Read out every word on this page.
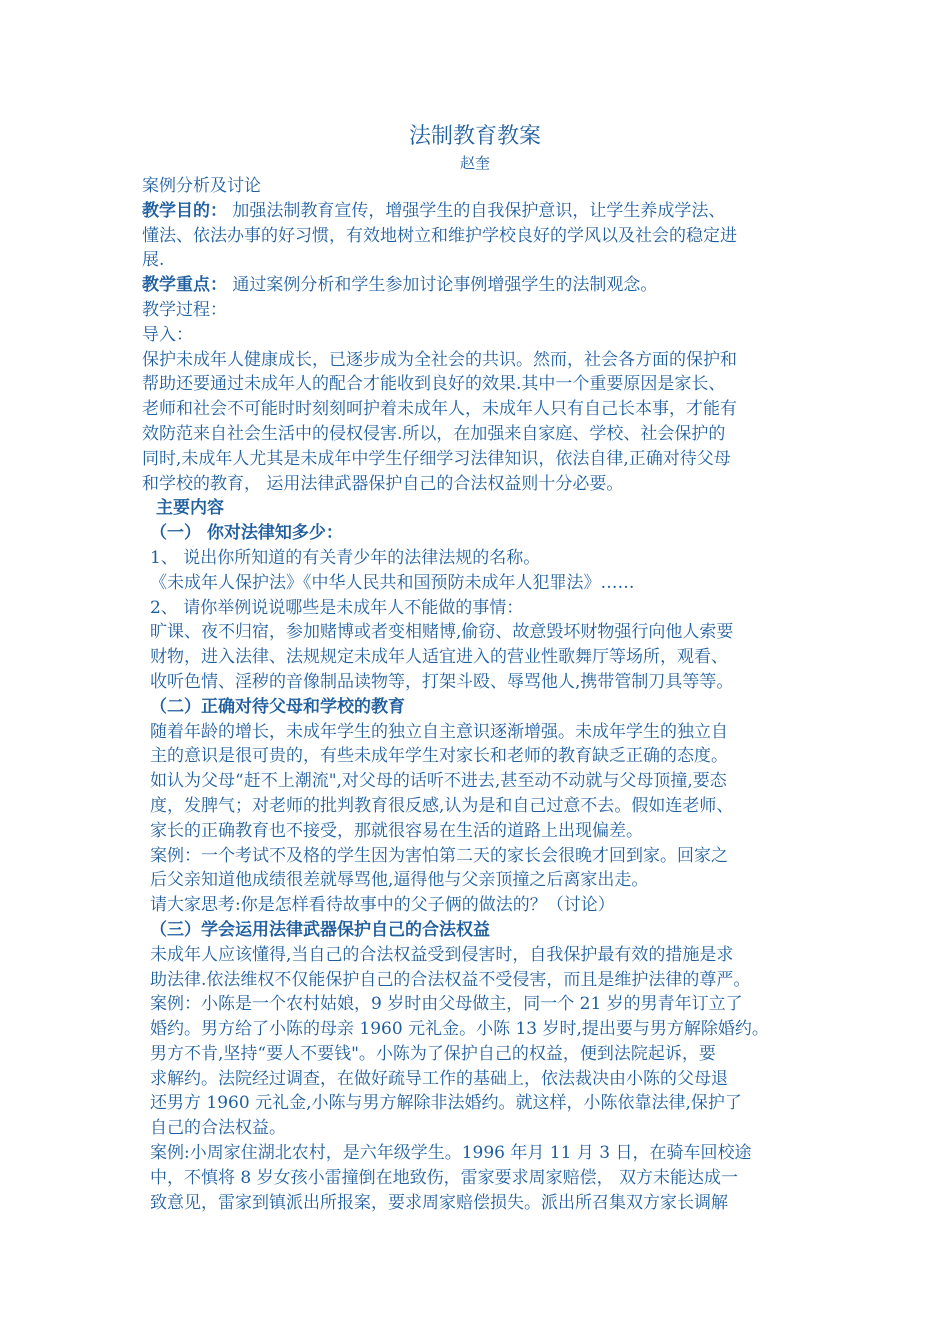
法制教育教案
赵奎
案例分析及讨论
教学目的： 加强法制教育宣传，增强学生的自我保护意识，让学生养成学法、
懂法、依法办事的好习惯，有效地树立和维护学校良好的学风以及社会的稳定进
展.
教学重点： 通过案例分析和学生参加讨论事例增强学生的法制观念。
教学过程：
导入：
保护未成年人健康成长，已逐步成为全社会的共识。然而，社会各方面的保护和
帮助还要通过未成年人的配合才能收到良好的效果.其中一个重要原因是家长、
老师和社会不可能时时刻刻呵护着未成年人，未成年人只有自己长本事，才能有
效防范来自社会生活中的侵权侵害.所以，在加强来自家庭、学校、社会保护的
同时,未成年人尤其是未成年中学生仔细学习法律知识，依法自律,正确对待父母
和学校的教育， 运用法律武器保护自己的合法权益则十分必要。
主要内容
（一） 你对法律知多少：
1、 说出你所知道的有关青少年的法律法规的名称。
《未成年人保护法》《中华人民共和国预防未成年人犯罪法》……
2、 请你举例说说哪些是未成年人不能做的事情：
旷课、夜不归宿，参加赌博或者变相赌博,偷窃、故意毁坏财物强行向他人索要
财物，进入法律、法规规定未成年人适宜进入的营业性歌舞厅等场所，观看、
收听色情、淫秽的音像制品读物等，打架斗殴、辱骂他人,携带管制刀具等等。
（二）正确对待父母和学校的教育
随着年龄的增长，未成年学生的独立自主意识逐渐增强。未成年学生的独立自
主的意识是很可贵的，有些未成年学生对家长和老师的教育缺乏正确的态度。
如认为父母“赶不上潮流",对父母的话听不进去,甚至动不动就与父母顶撞,要态
度，发脾气；对老师的批判教育很反感,认为是和自己过意不去。假如连老师、
家长的正确教育也不接受，那就很容易在生活的道路上出现偏差。
案例：一个考试不及格的学生因为害怕第二天的家长会很晚才回到家。回家之
后父亲知道他成绩很差就辱骂他,逼得他与父亲顶撞之后离家出走。
请大家思考:你是怎样看待故事中的父子俩的做法的？（讨论）
（三）学会运用法律武器保护自己的合法权益
未成年人应该懂得,当自己的合法权益受到侵害时，自我保护最有效的措施是求
助法律.依法维权不仅能保护自己的合法权益不受侵害，而且是维护法律的尊严。
案例：小陈是一个农村姑娘，9 岁时由父母做主，同一个 21 岁的男青年订立了
婚约。男方给了小陈的母亲 1960 元礼金。小陈 13 岁时,提出要与男方解除婚约。
男方不肯,坚持“要人不要钱"。小陈为了保护自己的权益，便到法院起诉，要
求解约。法院经过调查，在做好疏导工作的基础上，依法裁决由小陈的父母退
还男方 1960 元礼金,小陈与男方解除非法婚约。就这样，小陈依靠法律,保护了
自己的合法权益。
案例:小周家住湖北农村，是六年级学生。1996 年月 11 月 3 日，在骑车回校途
中，不慎将 8 岁女孩小雷撞倒在地致伤，雷家要求周家赔偿， 双方未能达成一
致意见，雷家到镇派出所报案，要求周家赔偿损失。派出所召集双方家长调解
